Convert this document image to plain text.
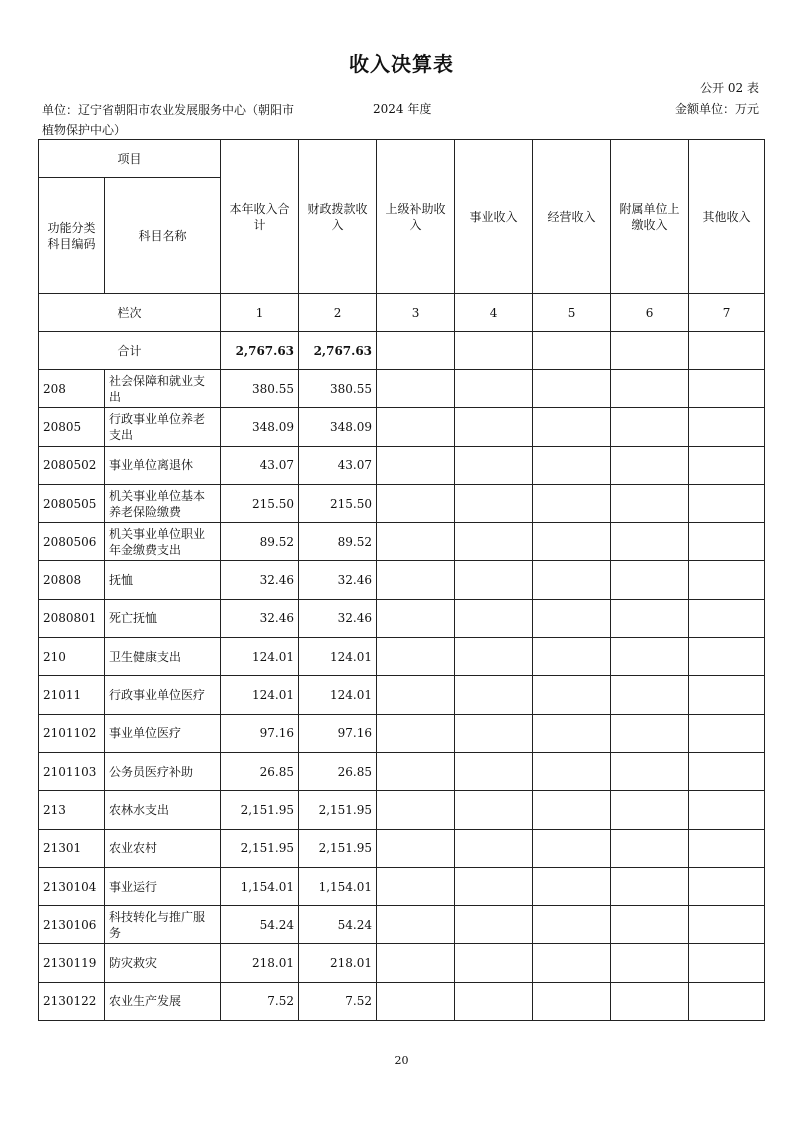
收入决算表
公开 02 表
单位：辽宁省朝阳市农业发展服务中心（朝阳市
植物保护中心）
2024 年度	金额单位：万元
项目		本年收入合计	财政拨款收入	上级补助收入	事业收入	经营收入	附属单位上缴收入	其他收入
功能分类科目编码	科目名称							
栏次		1	2	3	4	5	6	7
合计		2,767.63	2,767.63					
208	社会保障和就业支出	380.55	380.55					
20805	行政事业单位养老支出	348.09	348.09					
2080502	事业单位离退休	43.07	43.07					
2080505	机关事业单位基本养老保险缴费	215.50	215.50					
2080506	机关事业单位职业年金缴费支出	89.52	89.52					
20808	抚恤	32.46	32.46					
2080801	死亡抚恤	32.46	32.46					
210	卫生健康支出	124.01	124.01					
21011	行政事业单位医疗	124.01	124.01					
2101102	事业单位医疗	97.16	97.16					
2101103	公务员医疗补助	26.85	26.85					
213	农林水支出	2,151.95	2,151.95					
21301	农业农村	2,151.95	2,151.95					
2130104	事业运行	1,154.01	1,154.01					
2130106	科技转化与推广服务	54.24	54.24					
2130119	防灾救灾	218.01	218.01					
2130122	农业生产发展	7.52	7.52					
20
